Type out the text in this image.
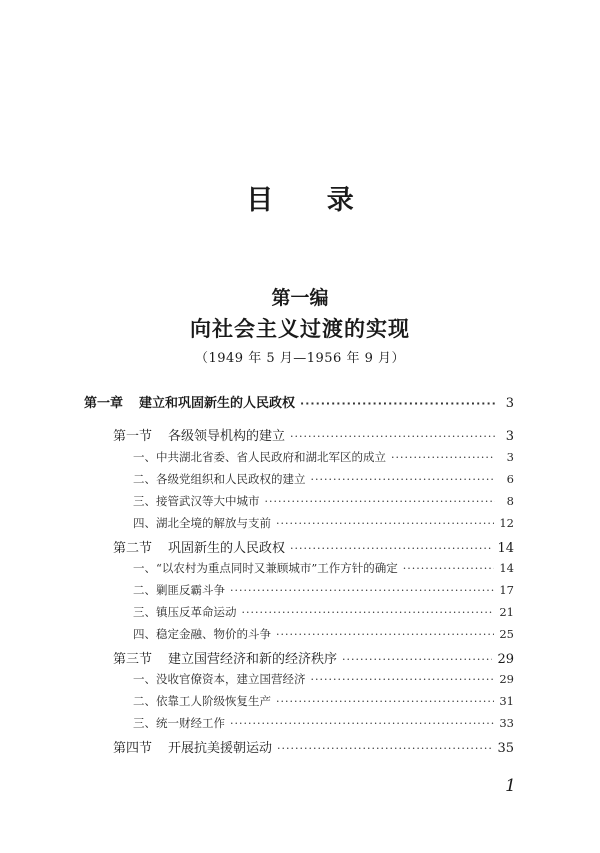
目 录
第一编
向社会主义过渡的实现
（1949 年 5 月—1956 年 9 月）
第一章 建立和巩固新生的人民政权 ·····	3
第一节 各级领导机构的建立 ·····	3
一、中共湖北省委、省人民政府和湖北军区的成立 ·····	3
二、各级党组织和人民政权的建立 ·····	6
三、接管武汉等大中城市 ·····	8
四、湖北全境的解放与支前 ·····	12
第二节 巩固新生的人民政权 ·····	14
一、“以农村为重点同时又兼顾城市”工作方针的确定 ·····	14
二、剿匪反霸斗争 ·····	17
三、镇压反革命运动 ·····	21
四、稳定金融、物价的斗争 ·····	25
第三节 建立国营经济和新的经济秩序 ·····	29
一、没收官僚资本，建立国营经济 ·····	29
二、依靠工人阶级恢复生产 ·····	31
三、统一财经工作 ·····	33
第四节 开展抗美援朝运动 ·····	35
1
